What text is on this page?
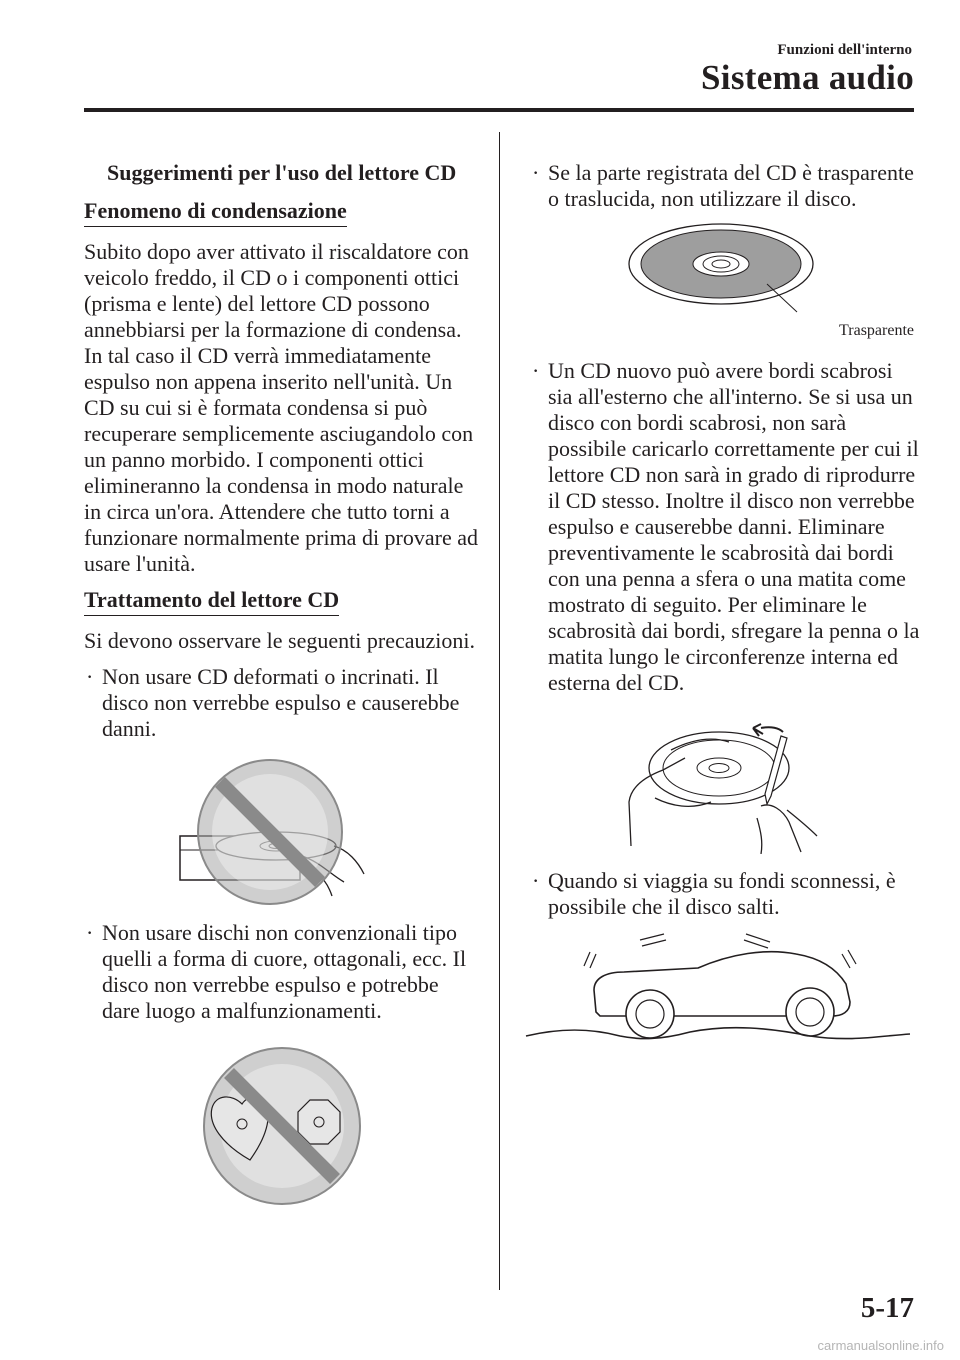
Funzioni dell'interno
Sistema audio
Suggerimenti per l'uso del lettore CD
Fenomeno di condensazione

Subito dopo aver attivato il riscaldatore con veicolo freddo, il CD o i componenti ottici (prisma e lente) del lettore CD possono annebbiarsi per la formazione di condensa. In tal caso il CD verrà immediatamente espulso non appena inserito nell'unità. Un CD su cui si è formata condensa si può recuperare semplicemente asciugandolo con un panno morbido. I componenti ottici elimineranno la condensa in modo naturale in circa un'ora. Attendere che tutto torni a funzionare normalmente prima di provare ad usare l'unità.

Trattamento del lettore CD

Si devono osservare le seguenti precauzioni.

· Non usare CD deformati o incrinati. Il disco non verrebbe espulso e causerebbe danni.
· Non usare dischi non convenzionali tipo quelli a forma di cuore, ottagonali, ecc. Il disco non verrebbe espulso e potrebbe dare luogo a malfunzionamenti.
· Se la parte registrata del CD è trasparente o traslucida, non utilizzare il disco.
Trasparente
· Un CD nuovo può avere bordi scabrosi sia all'esterno che all'interno. Se si usa un disco con bordi scabrosi, non sarà possibile caricarlo correttamente per cui il lettore CD non sarà in grado di riprodurre il CD stesso. Inoltre il disco non verrebbe espulso e causerebbe danni. Eliminare preventivamente le scabrosità dai bordi con una penna a sfera o una matita come mostrato di seguito. Per eliminare le scabrosità dai bordi, sfregare la penna o la matita lungo le circonferenze interna ed esterna del CD.
· Quando si viaggia su fondi sconnessi, è possibile che il disco salti.
5-17
carmanualsonline.info
